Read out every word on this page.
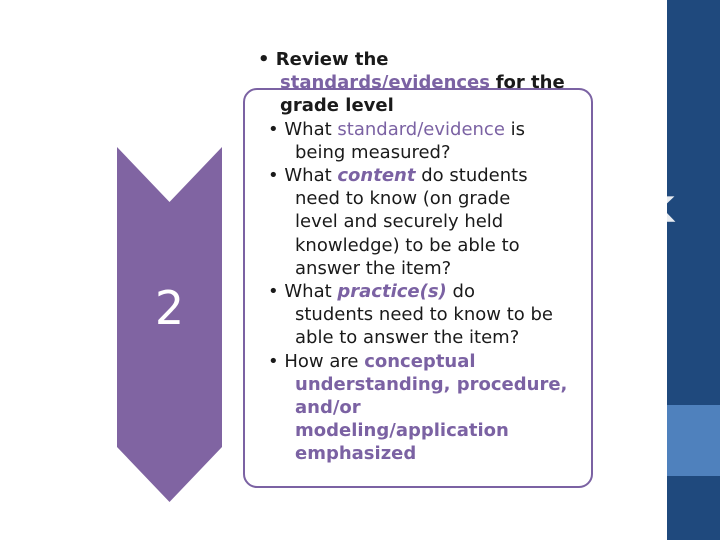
2
Task
• Review the
standards/evidences for the
grade level
• What standard/evidence is
being measured?
• What content do students
need to know (on grade
level and securely held
knowledge) to be able to
answer the item?
• What practice(s) do
students need to know to be
able to answer the item?
• How are conceptual
understanding, procedure,
and/or
modeling/application
emphasized
